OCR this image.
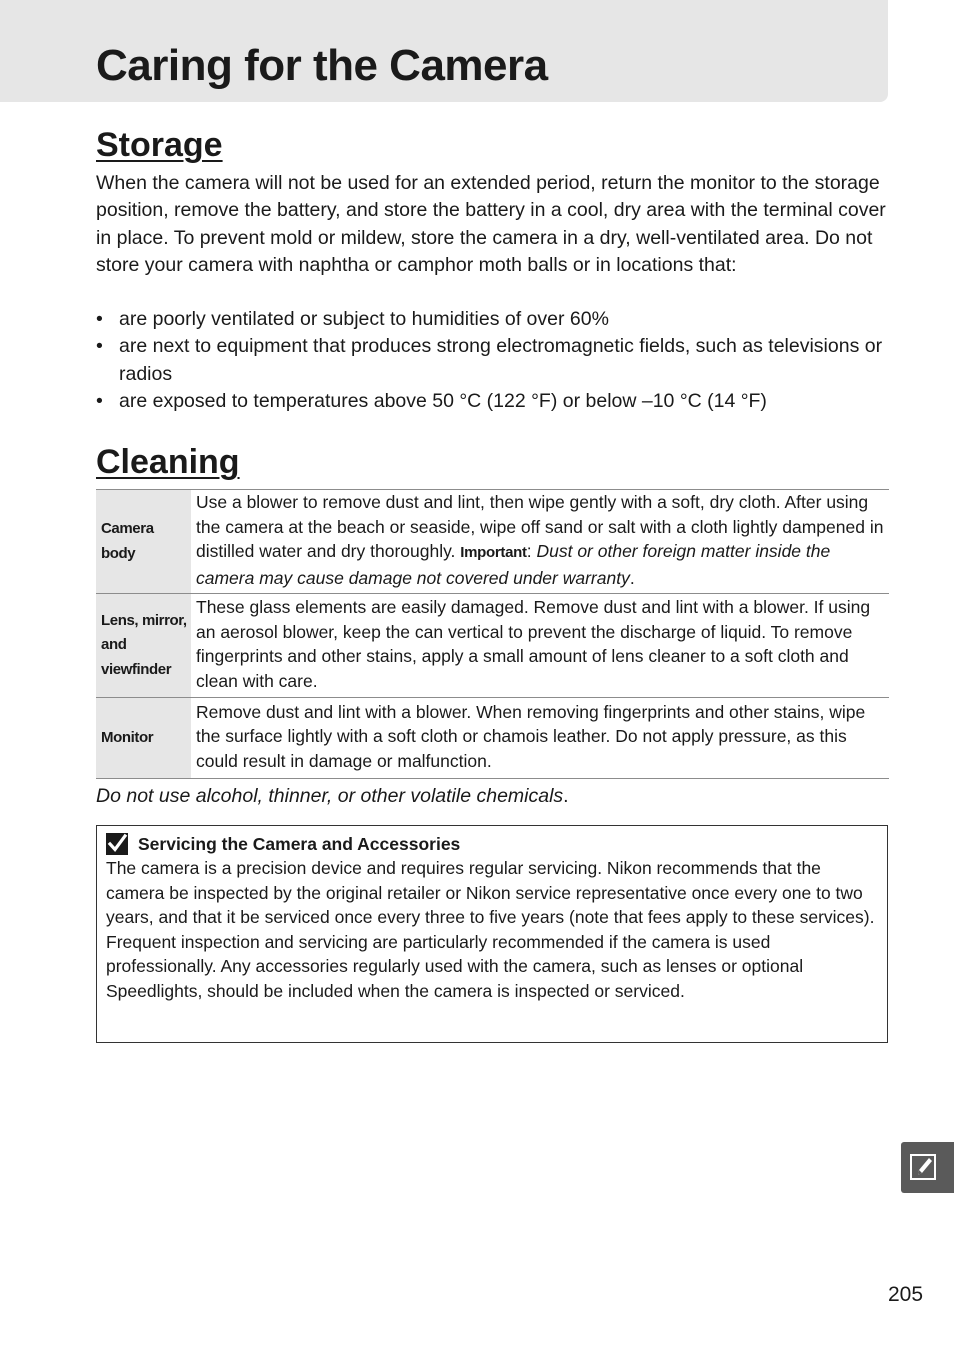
Caring for the Camera
Storage

When the camera will not be used for an extended period, return the monitor to the storage position, remove the battery, and store the battery in a cool, dry area with the terminal cover in place. To prevent mold or mildew, store the camera in a dry, well-ventilated area. Do not store your camera with naphtha or camphor moth balls or in locations that:

• are poorly ventilated or subject to humidities of over 60%
• are next to equipment that produces strong electromagnetic fields, such as televisions or radios
• are exposed to temperatures above 50 °C (122 °F) or below –10 °C (14 °F)
Cleaning
Camera body	Use a blower to remove dust and lint, then wipe gently with a soft, dry cloth. After using the camera at the beach or seaside, wipe off sand or salt with a cloth lightly dampened in distilled water and dry thoroughly. Important: Dust or other foreign matter inside the camera may cause damage not covered under warranty.
Lens, mirror, and viewfinder	These glass elements are easily damaged. Remove dust and lint with a blower. If using an aerosol blower, keep the can vertical to prevent the discharge of liquid. To remove fingerprints and other stains, apply a small amount of lens cleaner to a soft cloth and clean with care.
Monitor	Remove dust and lint with a blower. When removing fingerprints and other stains, wipe the surface lightly with a soft cloth or chamois leather. Do not apply pressure, as this could result in damage or malfunction.

Do not use alcohol, thinner, or other volatile chemicals.

Servicing the Camera and Accessories

The camera is a precision device and requires regular servicing. Nikon recommends that the camera be inspected by the original retailer or Nikon service representative once every one to two years, and that it be serviced once every three to five years (note that fees apply to these services). Frequent inspection and servicing are particularly recommended if the camera is used professionally. Any accessories regularly used with the camera, such as lenses or optional Speedlights, should be included when the camera is inspected or serviced.

205
